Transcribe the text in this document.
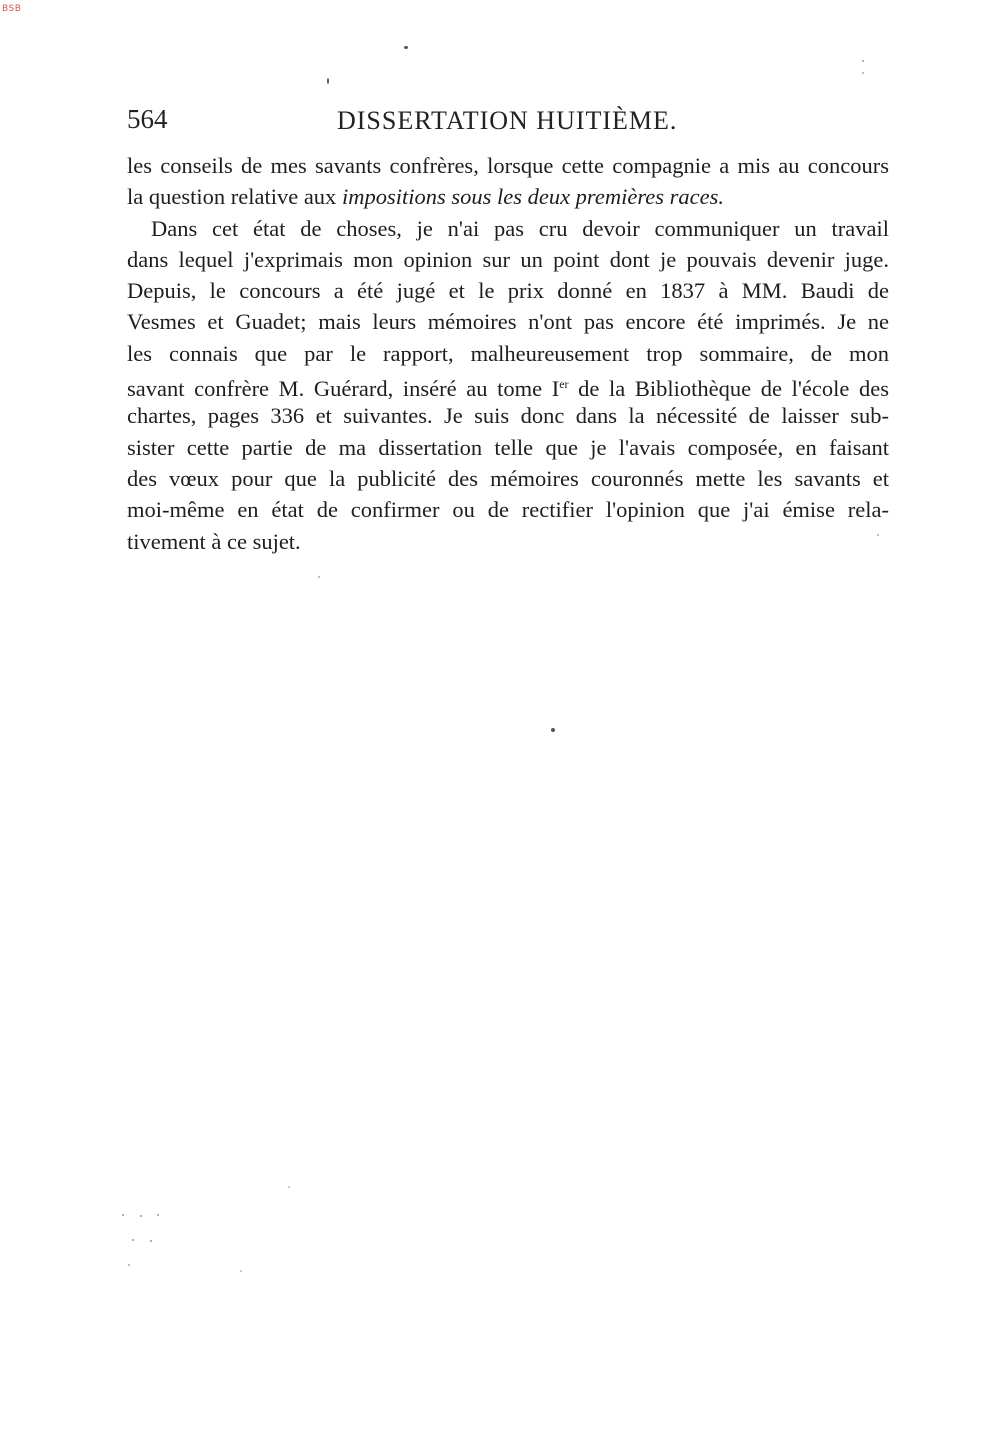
BSB
564	DISSERTATION HUITIÈME.
les conseils de mes savants confrères, lorsque cette compagnie a mis au concours
la question relative aux impositions sous les deux premières races.
Dans cet état de choses, je n'ai pas cru devoir communiquer un travail
dans lequel j'exprimais mon opinion sur un point dont je pouvais devenir juge.
Depuis, le concours a été jugé et le prix donné en 1837 à MM. Baudi de
Vesmes et Guadet; mais leurs mémoires n'ont pas encore été imprimés. Je ne
les connais que par le rapport, malheureusement trop sommaire, de mon
savant confrère M. Guérard, inséré au tome Ier de la Bibliothèque de l'école des
chartes, pages 336 et suivantes. Je suis donc dans la nécessité de laisser sub-
sister cette partie de ma dissertation telle que je l'avais composée, en faisant
des vœux pour que la publicité des mémoires couronnés mette les savants et
moi-même en état de confirmer ou de rectifier l'opinion que j'ai émise rela-
tivement à ce sujet.
